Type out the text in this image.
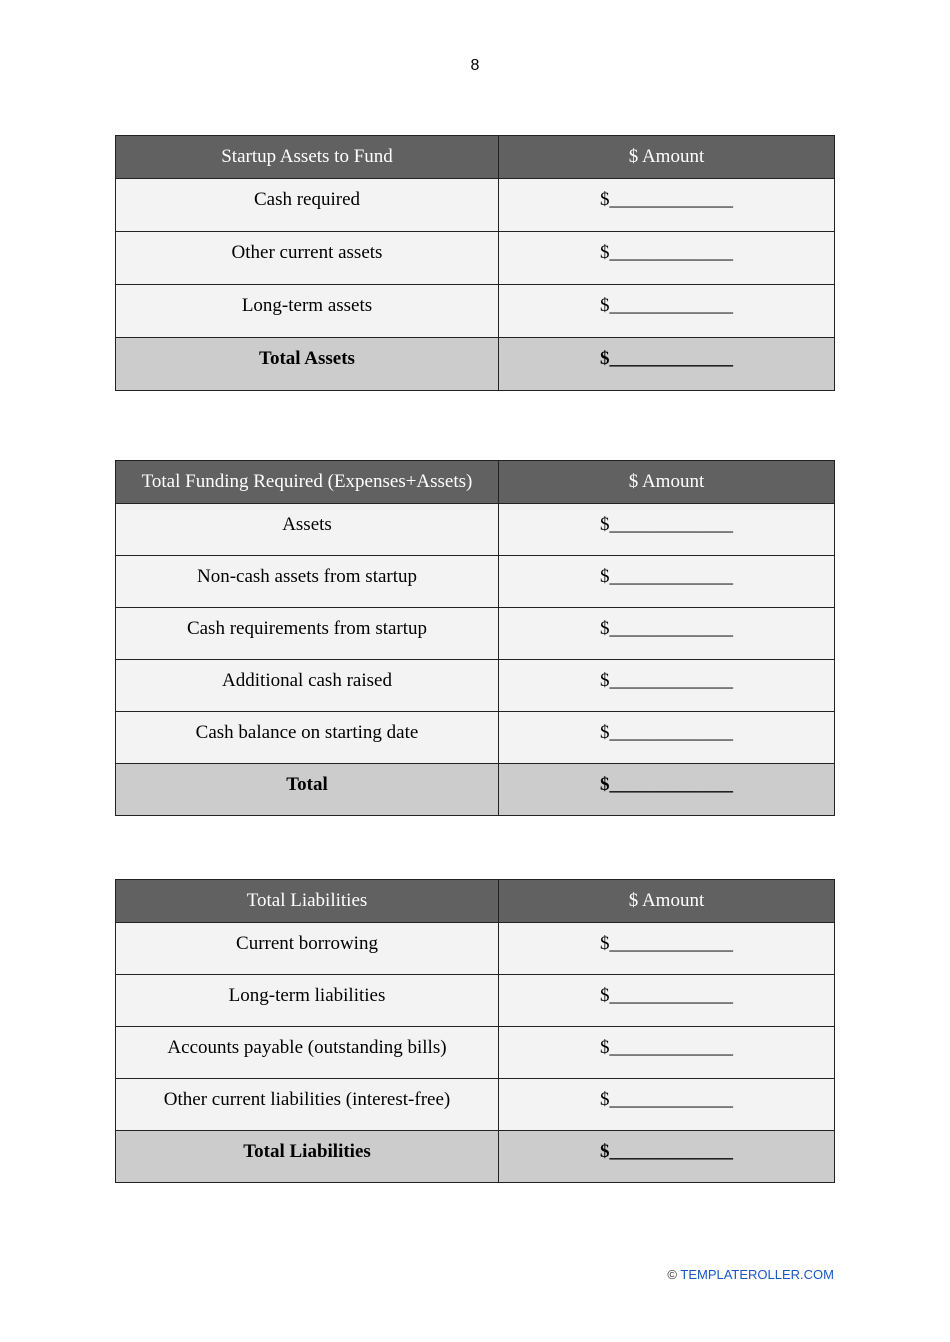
8
Startup Assets to Fund	$ Amount
Cash required	$_____________
Other current assets	$_____________
Long-term assets	$_____________
Total Assets	$_____________
Total Funding Required (Expenses+Assets)	$ Amount
Assets	$_____________
Non-cash assets from startup	$_____________
Cash requirements from startup	$_____________
Additional cash raised	$_____________
Cash balance on starting date	$_____________
Total	$_____________
Total Liabilities	$ Amount
Current borrowing	$_____________
Long-term liabilities	$_____________
Accounts payable (outstanding bills)	$_____________
Other current liabilities (interest-free)	$_____________
Total Liabilities	$_____________
© TEMPLATEROLLER.COM
